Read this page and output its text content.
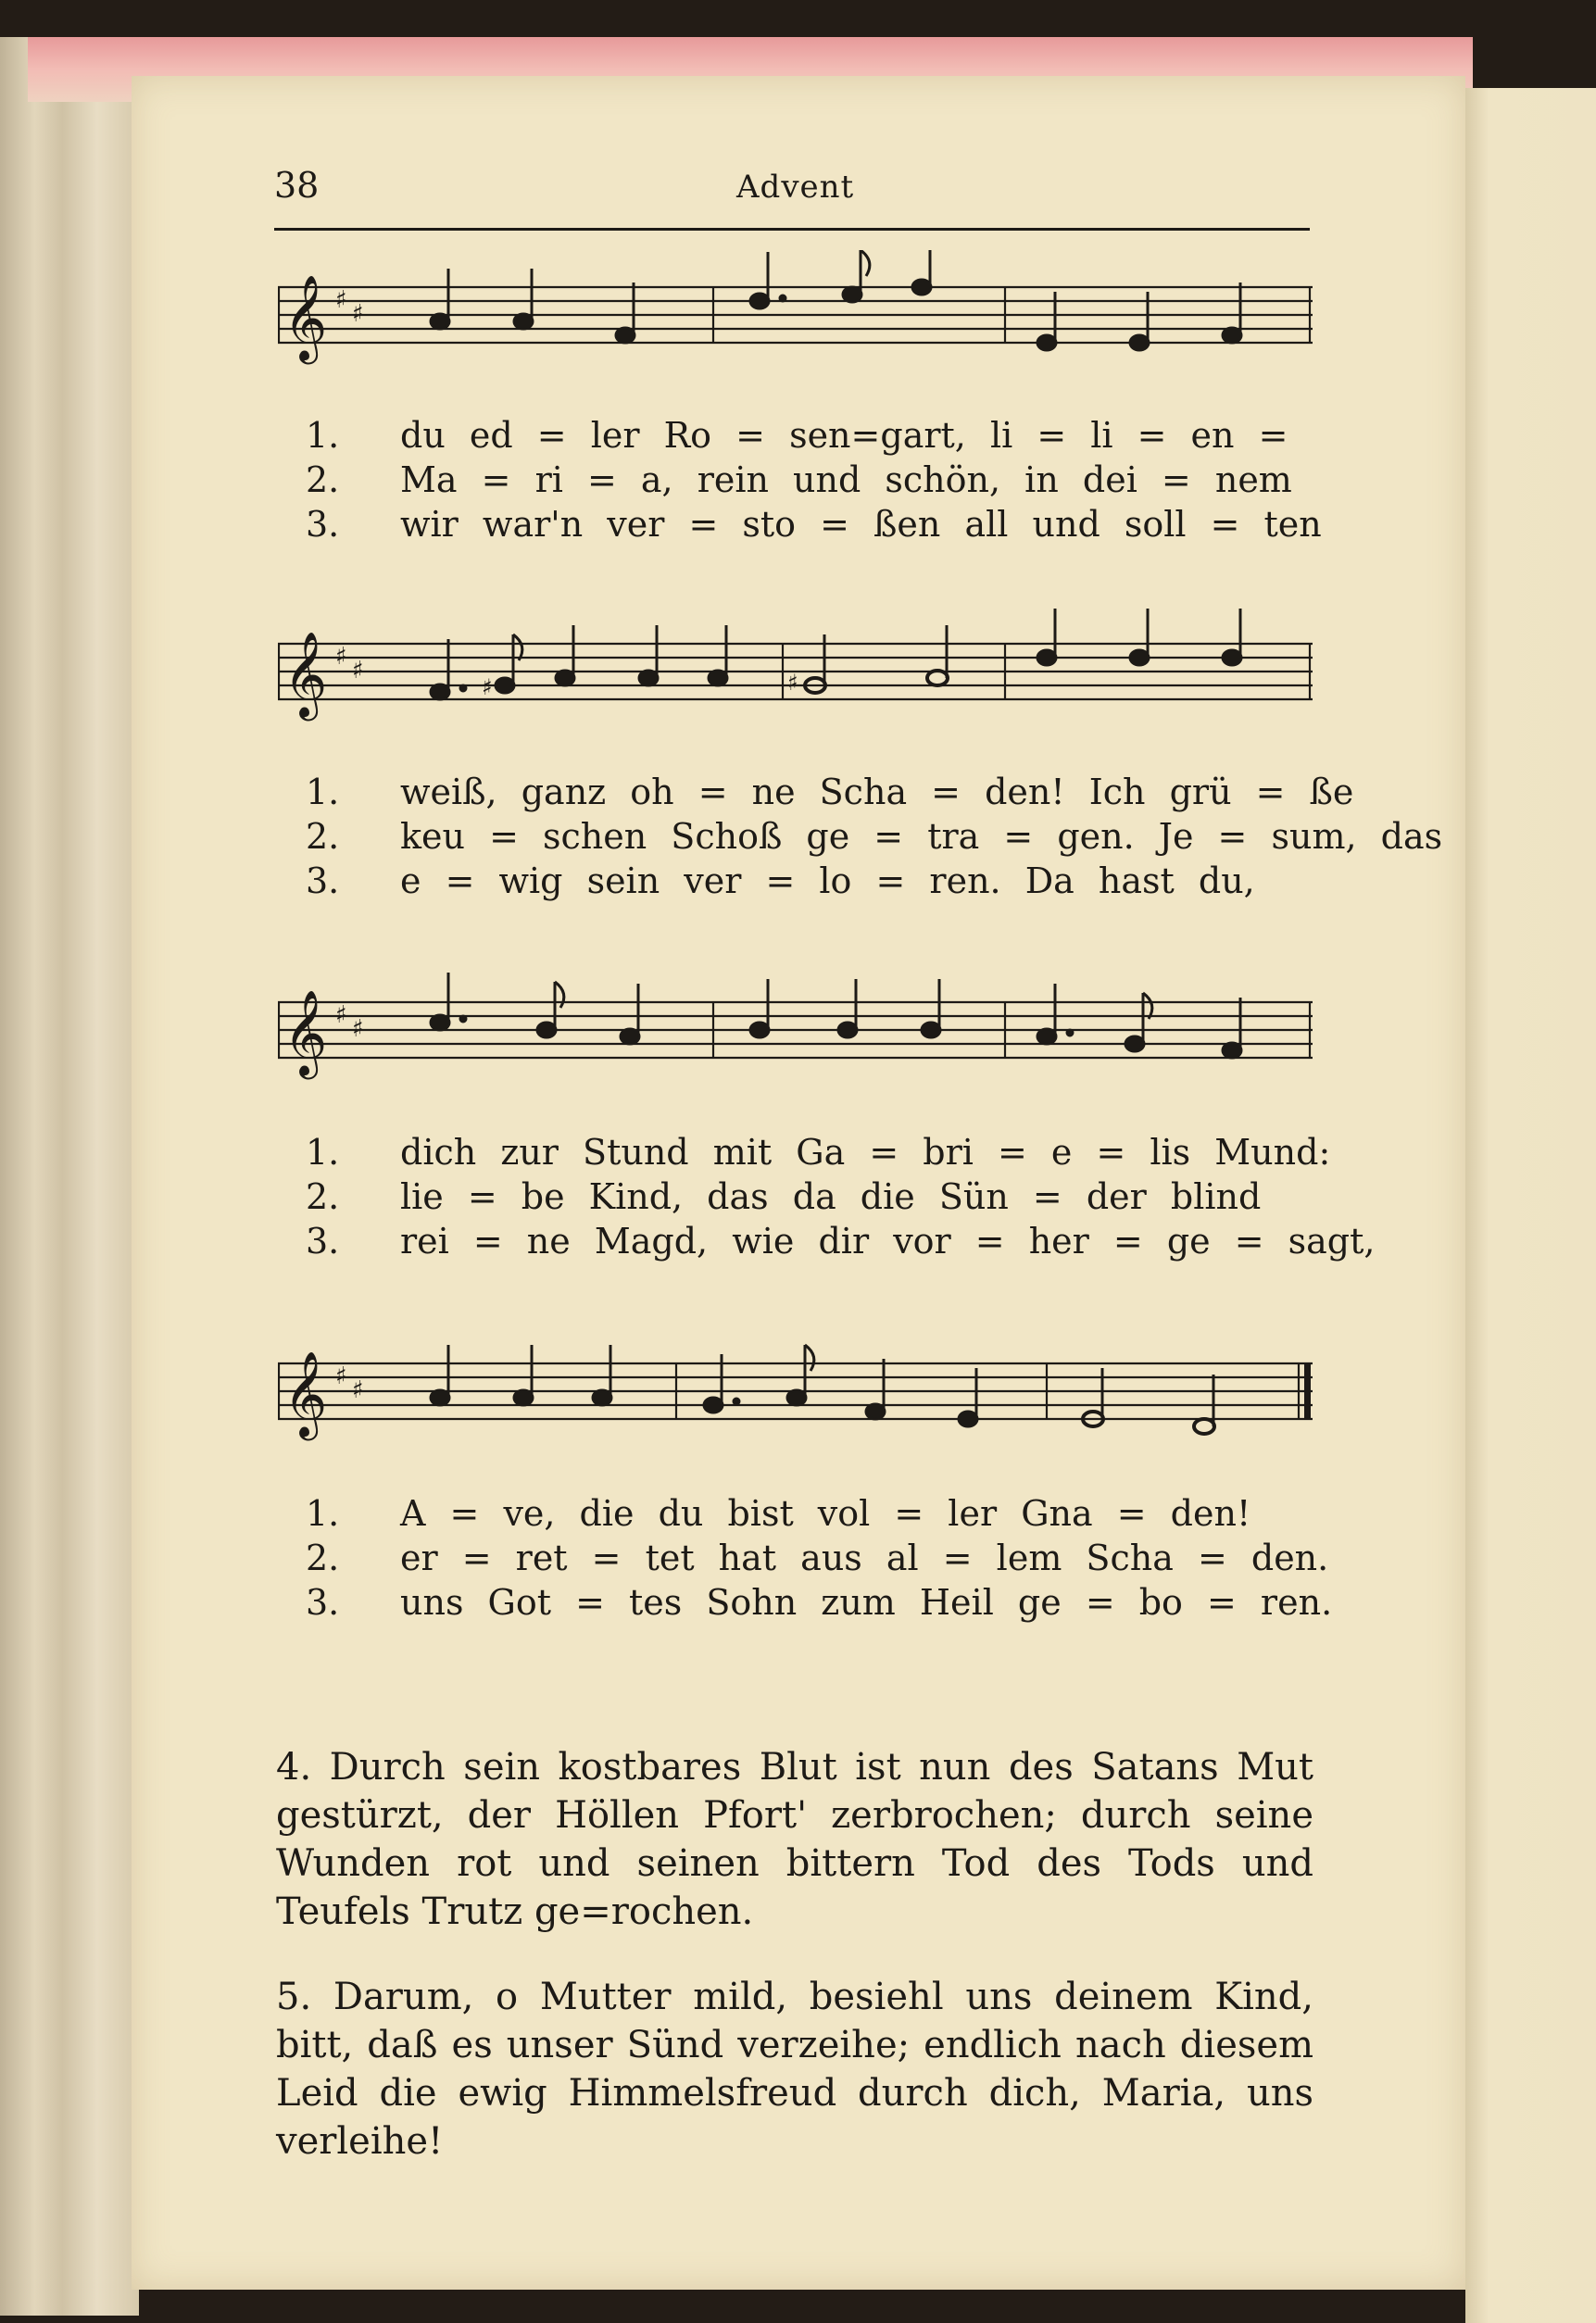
38	Advent
𝄞 ♯ ♯
1.	du ed = ler Ro = sen=gart, li = li = en =
2.	Ma = ri = a, rein und schön, in dei = nem
3.	wir war'n ver = sto = ßen all und soll = ten
𝄞 ♯ ♯
♯	♯
1.	weiß, ganz oh = ne Scha = den! Ich grü = ße
2.	keu = schen Schoß ge = tra = gen. Je = sum, das
3.	e = wig sein ver = lo = ren. Da hast du,
𝄞 ♯ ♯
1.	dich zur Stund mit Ga = bri = e = lis Mund:
2.	lie = be Kind, das da die Sün = der blind
3.	rei = ne Magd, wie dir vor = her = ge = sagt,
𝄞 ♯ ♯
1.	A = ve, die du bist vol = ler Gna = den!
2.	er = ret = tet hat aus al = lem Scha = den.
3.	uns Got = tes Sohn zum Heil ge = bo = ren.
4. Durch sein kostbares Blut ist nun des Satans Mut gestürzt, der Höllen Pfort' zerbrochen; durch seine Wunden rot und seinen bittern Tod des Tods und Teufels Trutz ge=rochen.
5. Darum, o Mutter mild, besiehl uns deinem Kind, bitt, daß es unser Sünd verzeihe; endlich nach diesem Leid die ewig Himmelsfreud durch dich, Maria, uns verleihe!
